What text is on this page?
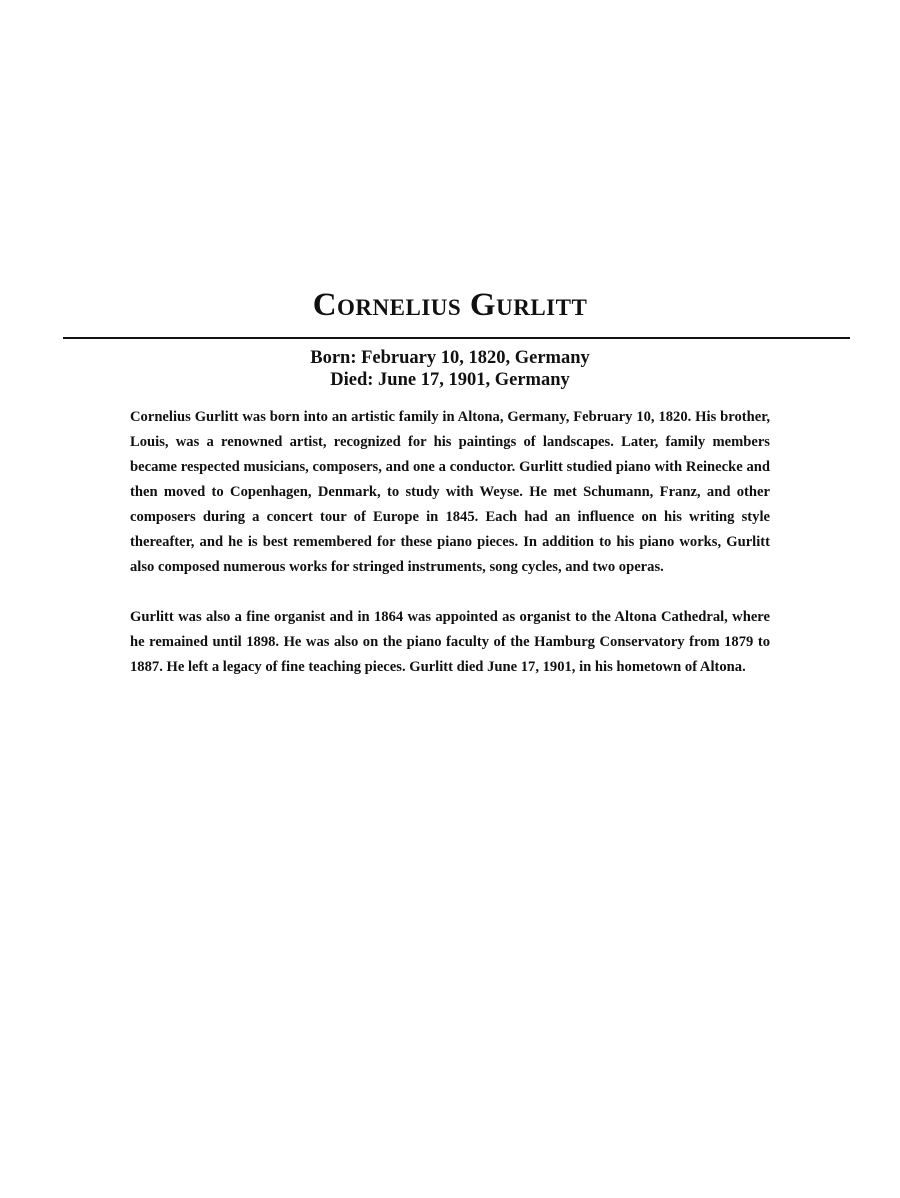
Cornelius Gurlitt
Born: February 10, 1820, Germany
Died: June 17, 1901, Germany

Cornelius Gurlitt was born into an artistic family in Altona, Germany, February 10, 1820. His brother, Louis, was a renowned artist, recognized for his paintings of landscapes. Later, family members became respected musicians, composers, and one a conductor. Gurlitt studied piano with Reinecke and then moved to Copenhagen, Denmark, to study with Weyse. He met Schumann, Franz, and other composers during a concert tour of Europe in 1845. Each had an influence on his writing style thereafter, and he is best remembered for these piano pieces. In addition to his piano works, Gurlitt also composed numerous works for stringed instruments, song cycles, and two operas.

Gurlitt was also a fine organist and in 1864 was appointed as organist to the Altona Cathedral, where he remained until 1898. He was also on the piano faculty of the Hamburg Conservatory from 1879 to 1887. He left a legacy of fine teaching pieces. Gurlitt died June 17, 1901, in his hometown of Altona.
